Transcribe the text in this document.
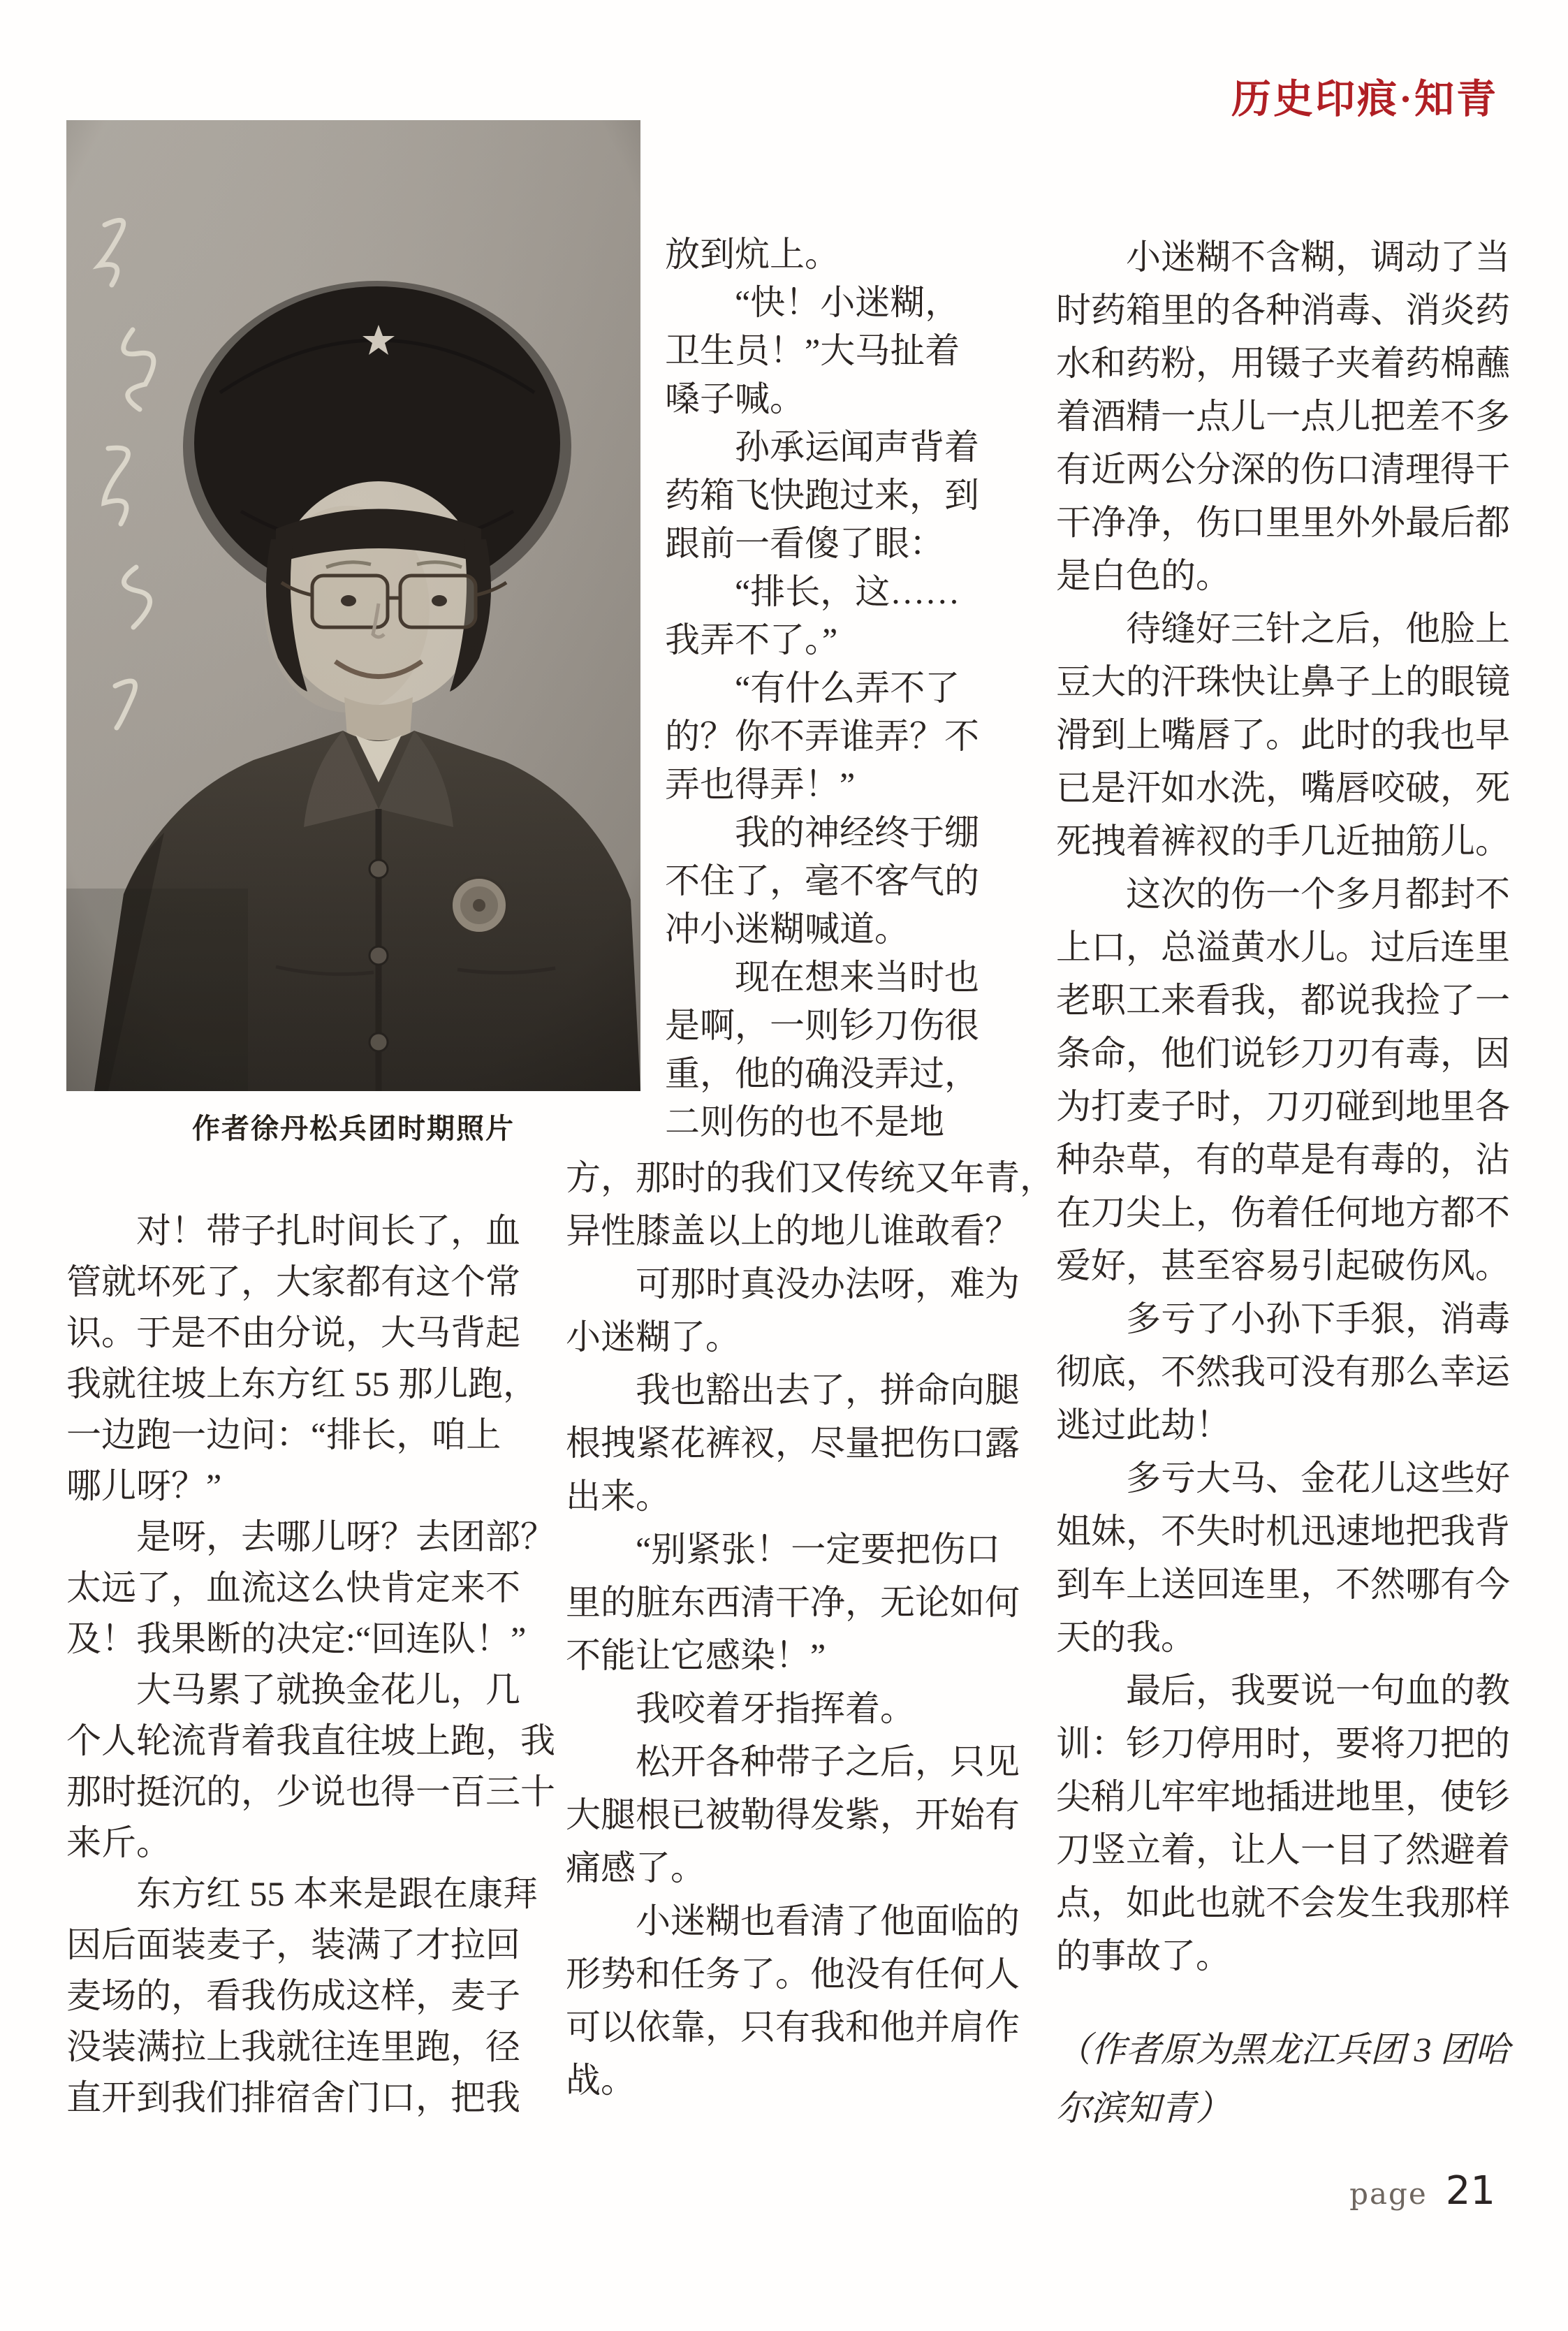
历史印痕·知青
作者徐丹松兵团时期照片
　　对！带子扎时间长了，血
管就坏死了，大家都有这个常
识。于是不由分说，大马背起
我就往坡上东方红 55 那儿跑，
一边跑一边问：“排长，咱上
哪儿呀？”
　　是呀，去哪儿呀？去团部？
太远了，血流这么快肯定来不
及！我果断的决定:“回连队！”
　　大马累了就换金花儿，几
个人轮流背着我直往坡上跑，我
那时挺沉的，少说也得一百三十
来斤。
　　东方红 55 本来是跟在康拜
因后面装麦子，装满了才拉回
麦场的，看我伤成这样，麦子
没装满拉上我就往连里跑，径
直开到我们排宿舍门口，把我
放到炕上。
　　“快！小迷糊，
卫生员！”大马扯着
嗓子喊。
　　孙承运闻声背着
药箱飞快跑过来，到
跟前一看傻了眼：
　　“排长，这……
我弄不了。”
　　“有什么弄不了
的？你不弄谁弄？不
弄也得弄！”
　　我的神经终于绷
不住了，毫不客气的
冲小迷糊喊道。
　　现在想来当时也
是啊，一则钐刀伤很
重，他的确没弄过，
二则伤的也不是地
方，那时的我们又传统又年青，
异性膝盖以上的地儿谁敢看？
　　可那时真没办法呀，难为
小迷糊了。
　　我也豁出去了，拼命向腿
根拽紧花裤衩，尽量把伤口露
出来。
　　“别紧张！一定要把伤口
里的脏东西清干净，无论如何
不能让它感染！”
　　我咬着牙指挥着。
　　松开各种带子之后，只见
大腿根已被勒得发紫，开始有
痛感了。
　　小迷糊也看清了他面临的
形势和任务了。他没有任何人
可以依靠，只有我和他并肩作
战。
　　小迷糊不含糊，调动了当
时药箱里的各种消毒、消炎药
水和药粉，用镊子夹着药棉蘸
着酒精一点儿一点儿把差不多
有近两公分深的伤口清理得干
干净净，伤口里里外外最后都
是白色的。
　　待缝好三针之后，他脸上
豆大的汗珠快让鼻子上的眼镜
滑到上嘴唇了。此时的我也早
已是汗如水洗，嘴唇咬破，死
死拽着裤衩的手几近抽筋儿。
　　这次的伤一个多月都封不
上口，总溢黄水儿。过后连里
老职工来看我，都说我捡了一
条命，他们说钐刀刃有毒，因
为打麦子时，刀刃碰到地里各
种杂草，有的草是有毒的，沾
在刀尖上，伤着任何地方都不
爱好，甚至容易引起破伤风。
　　多亏了小孙下手狠，消毒
彻底，不然我可没有那么幸运
逃过此劫！
　　多亏大马、金花儿这些好
姐妹，不失时机迅速地把我背
到车上送回连里，不然哪有今
天的我。
　　最后，我要说一句血的教
训：钐刀停用时，要将刀把的
尖稍儿牢牢地插进地里，使钐
刀竖立着，让人一目了然避着
点，如此也就不会发生我那样
的事故了。
（作者原为黑龙江兵团 3 团哈
尔滨知青）
page 21
